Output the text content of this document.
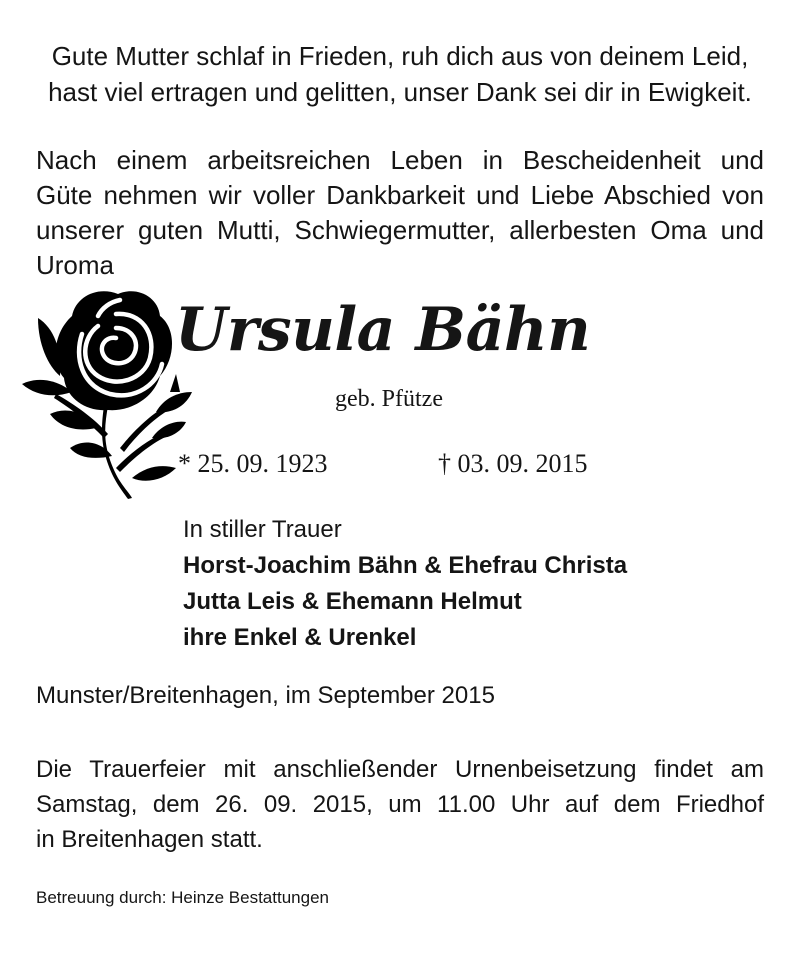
Gute Mutter schlaf in Frieden, ruh dich aus von deinem Leid,
hast viel ertragen und gelitten, unser Dank sei dir in Ewigkeit.
Nach einem arbeitsreichen Leben in Bescheidenheit und
Güte nehmen wir voller Dankbarkeit und Liebe Abschied von
unserer guten Mutti, Schwiegermutter, allerbesten Oma und
Uroma
Ursula Bähn
geb. Pfütze
* 25. 09. 1923	† 03. 09. 2015
In stiller Trauer
Horst-Joachim Bähn & Ehefrau Christa
Jutta Leis & Ehemann Helmut
ihre Enkel & Urenkel
Munster/Breitenhagen, im September 2015
Die Trauerfeier mit anschließender Urnenbeisetzung findet am
Samstag, dem 26. 09. 2015, um 11.00 Uhr auf dem Friedhof
in Breitenhagen statt.
Betreuung durch: Heinze Bestattungen
